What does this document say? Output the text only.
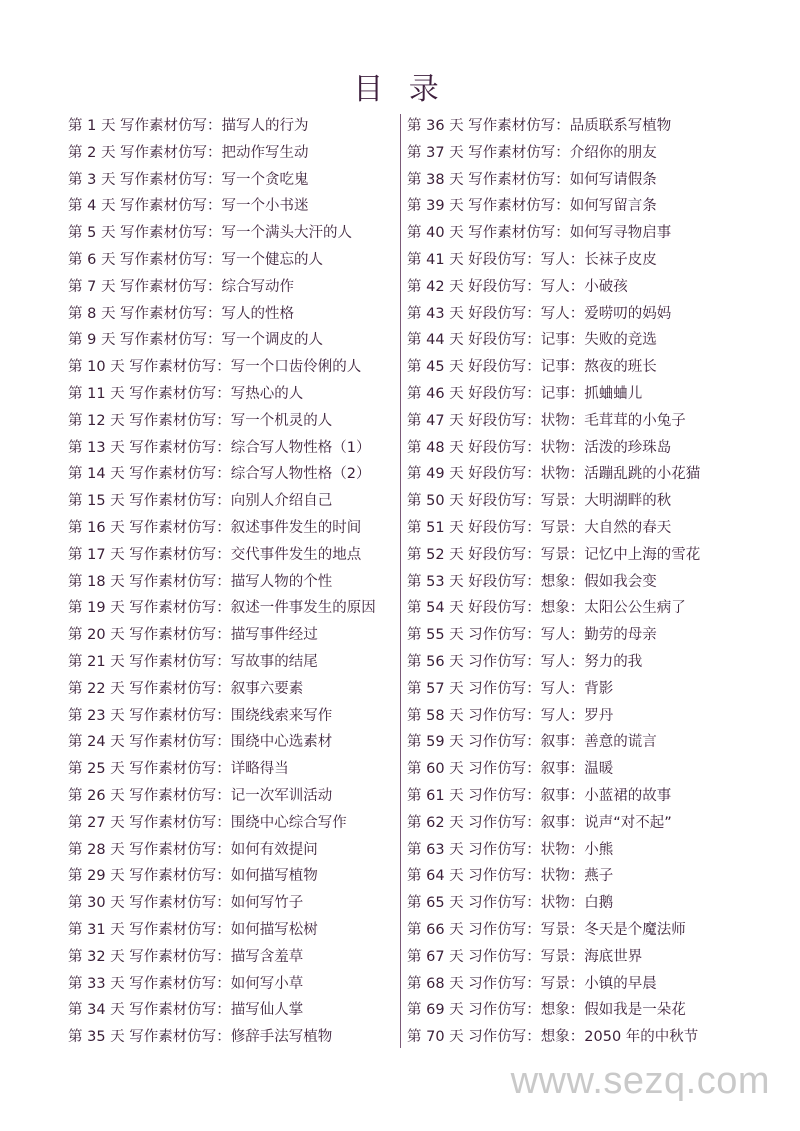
目 录
第 1 天 写作素材仿写：描写人的行为
第 2 天 写作素材仿写：把动作写生动
第 3 天 写作素材仿写：写一个贪吃鬼
第 4 天 写作素材仿写：写一个小书迷
第 5 天 写作素材仿写：写一个满头大汗的人
第 6 天 写作素材仿写：写一个健忘的人
第 7 天 写作素材仿写：综合写动作
第 8 天 写作素材仿写：写人的性格
第 9 天 写作素材仿写：写一个调皮的人
第 10 天 写作素材仿写：写一个口齿伶俐的人
第 11 天 写作素材仿写：写热心的人
第 12 天 写作素材仿写：写一个机灵的人
第 13 天 写作素材仿写：综合写人物性格（1）
第 14 天 写作素材仿写：综合写人物性格（2）
第 15 天 写作素材仿写：向别人介绍自己
第 16 天 写作素材仿写：叙述事件发生的时间
第 17 天 写作素材仿写：交代事件发生的地点
第 18 天 写作素材仿写：描写人物的个性
第 19 天 写作素材仿写：叙述一件事发生的原因
第 20 天 写作素材仿写：描写事件经过
第 21 天 写作素材仿写：写故事的结尾
第 22 天 写作素材仿写：叙事六要素
第 23 天 写作素材仿写：围绕线索来写作
第 24 天 写作素材仿写：围绕中心选素材
第 25 天 写作素材仿写：详略得当
第 26 天 写作素材仿写：记一次军训活动
第 27 天 写作素材仿写：围绕中心综合写作
第 28 天 写作素材仿写：如何有效提问
第 29 天 写作素材仿写：如何描写植物
第 30 天 写作素材仿写：如何写竹子
第 31 天 写作素材仿写：如何描写松树
第 32 天 写作素材仿写：描写含羞草
第 33 天 写作素材仿写：如何写小草
第 34 天 写作素材仿写：描写仙人掌
第 35 天 写作素材仿写：修辞手法写植物
第 36 天 写作素材仿写：品质联系写植物
第 37 天 写作素材仿写：介绍你的朋友
第 38 天 写作素材仿写：如何写请假条
第 39 天 写作素材仿写：如何写留言条
第 40 天 写作素材仿写：如何写寻物启事
第 41 天 好段仿写：写人：长袜子皮皮
第 42 天 好段仿写：写人：小破孩
第 43 天 好段仿写：写人：爱唠叨的妈妈
第 44 天 好段仿写：记事：失败的竞选
第 45 天 好段仿写：记事：熬夜的班长
第 46 天 好段仿写：记事：抓蛐蛐儿
第 47 天 好段仿写：状物：毛茸茸的小兔子
第 48 天 好段仿写：状物：活泼的珍珠岛
第 49 天 好段仿写：状物：活蹦乱跳的小花猫
第 50 天 好段仿写：写景：大明湖畔的秋
第 51 天 好段仿写：写景：大自然的春天
第 52 天 好段仿写：写景：记忆中上海的雪花
第 53 天 好段仿写：想象：假如我会变
第 54 天 好段仿写：想象：太阳公公生病了
第 55 天 习作仿写：写人：勤劳的母亲
第 56 天 习作仿写：写人：努力的我
第 57 天 习作仿写：写人：背影
第 58 天 习作仿写：写人：罗丹
第 59 天 习作仿写：叙事：善意的谎言
第 60 天 习作仿写：叙事：温暖
第 61 天 习作仿写：叙事：小蓝裙的故事
第 62 天 习作仿写：叙事：说声“对不起”
第 63 天 习作仿写：状物：小熊
第 64 天 习作仿写：状物：燕子
第 65 天 习作仿写：状物：白鹅
第 66 天 习作仿写：写景：冬天是个魔法师
第 67 天 习作仿写：写景：海底世界
第 68 天 习作仿写：写景：小镇的早晨
第 69 天 习作仿写：想象：假如我是一朵花
第 70 天 习作仿写：想象：2050 年的中秋节
www.sezq.com
